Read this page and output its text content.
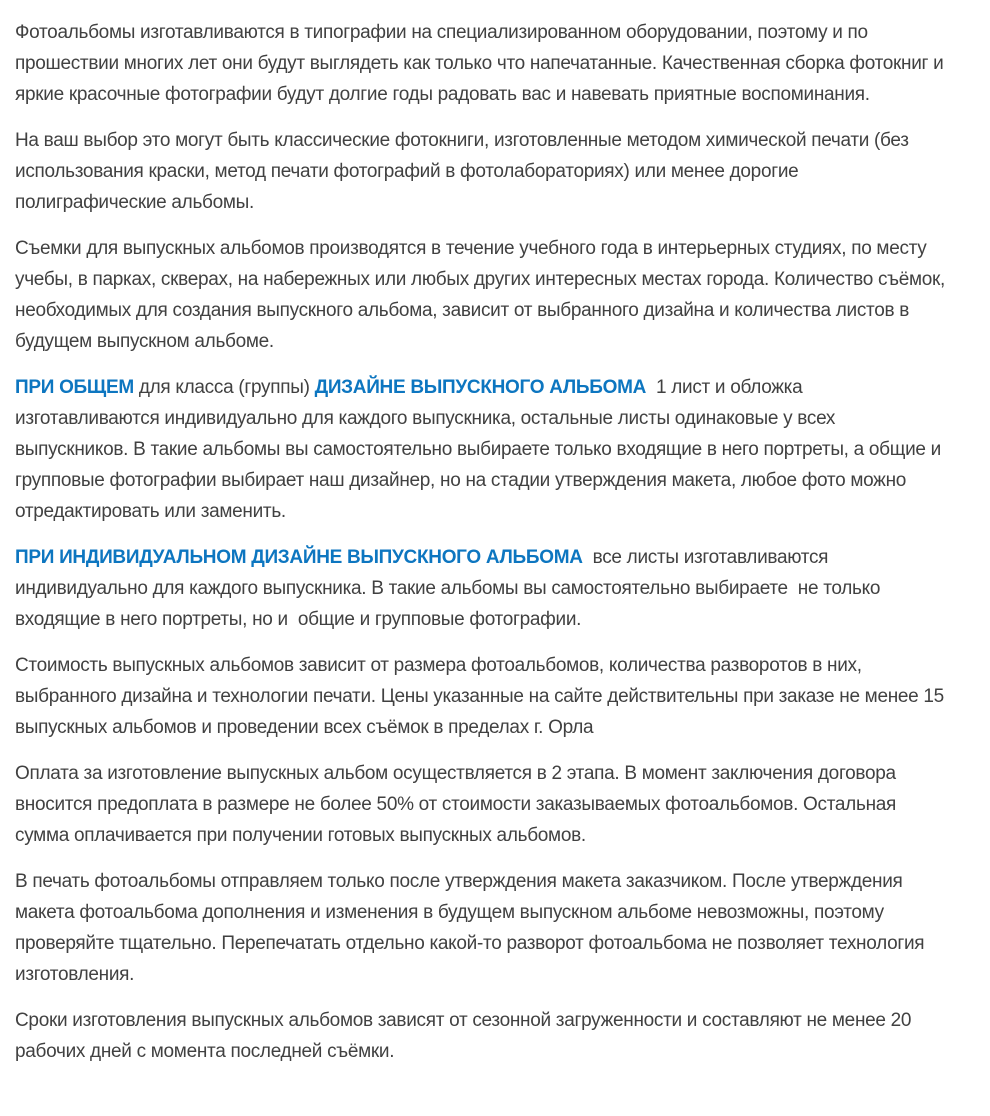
Фотоальбомы изготавливаются в типографии на специализированном оборудовании, поэтому и по прошествии многих лет они будут выглядеть как только что напечатанные. Качественная сборка фотокниг и яркие красочные фотографии будут долгие годы радовать вас и навевать приятные воспоминания.

На ваш выбор это могут быть классические фотокниги, изготовленные методом химической печати (без использования краски, метод печати фотографий в фотолабораториях) или менее дорогие полиграфические альбомы.

Съемки для выпускных альбомов производятся в течение учебного года в интерьерных студиях, по месту учебы, в парках, скверах, на набережных или любых других интересных местах города. Количество съёмок, необходимых для создания выпускного альбома, зависит от выбранного дизайна и количества листов в будущем выпускном альбоме.

ПРИ ОБЩЕМ для класса (группы) ДИЗАЙНЕ ВЫПУСКНОГО АЛЬБОМА  1 лист и обложка изготавливаются индивидуально для каждого выпускника, остальные листы одинаковые у всех выпускников. В такие альбомы вы самостоятельно выбираете только входящие в него портреты, а общие и групповые фотографии выбирает наш дизайнер, но на стадии утверждения макета, любое фото можно отредактировать или заменить.

ПРИ ИНДИВИДУАЛЬНОМ ДИЗАЙНЕ ВЫПУСКНОГО АЛЬБОМА  все листы изготавливаются индивидуально для каждого выпускника. В такие альбомы вы самостоятельно выбираете  не только входящие в него портреты, но и  общие и групповые фотографии.

Стоимость выпускных альбомов зависит от размера фотоальбомов, количества разворотов в них, выбранного дизайна и технологии печати. Цены указанные на сайте действительны при заказе не менее 15 выпускных альбомов и проведении всех съёмок в пределах г. Орла

Оплата за изготовление выпускных альбом осуществляется в 2 этапа. В момент заключения договора вносится предоплата в размере не более 50% от стоимости заказываемых фотоальбомов. Остальная сумма оплачивается при получении готовых выпускных альбомов.

В печать фотоальбомы отправляем только после утверждения макета заказчиком. После утверждения макета фотоальбома дополнения и изменения в будущем выпускном альбоме невозможны, поэтому проверяйте тщательно. Перепечатать отдельно какой-то разворот фотоальбома не позволяет технология изготовления.

Сроки изготовления выпускных альбомов зависят от сезонной загруженности и составляют не менее 20 рабочих дней с момента последней съёмки.
